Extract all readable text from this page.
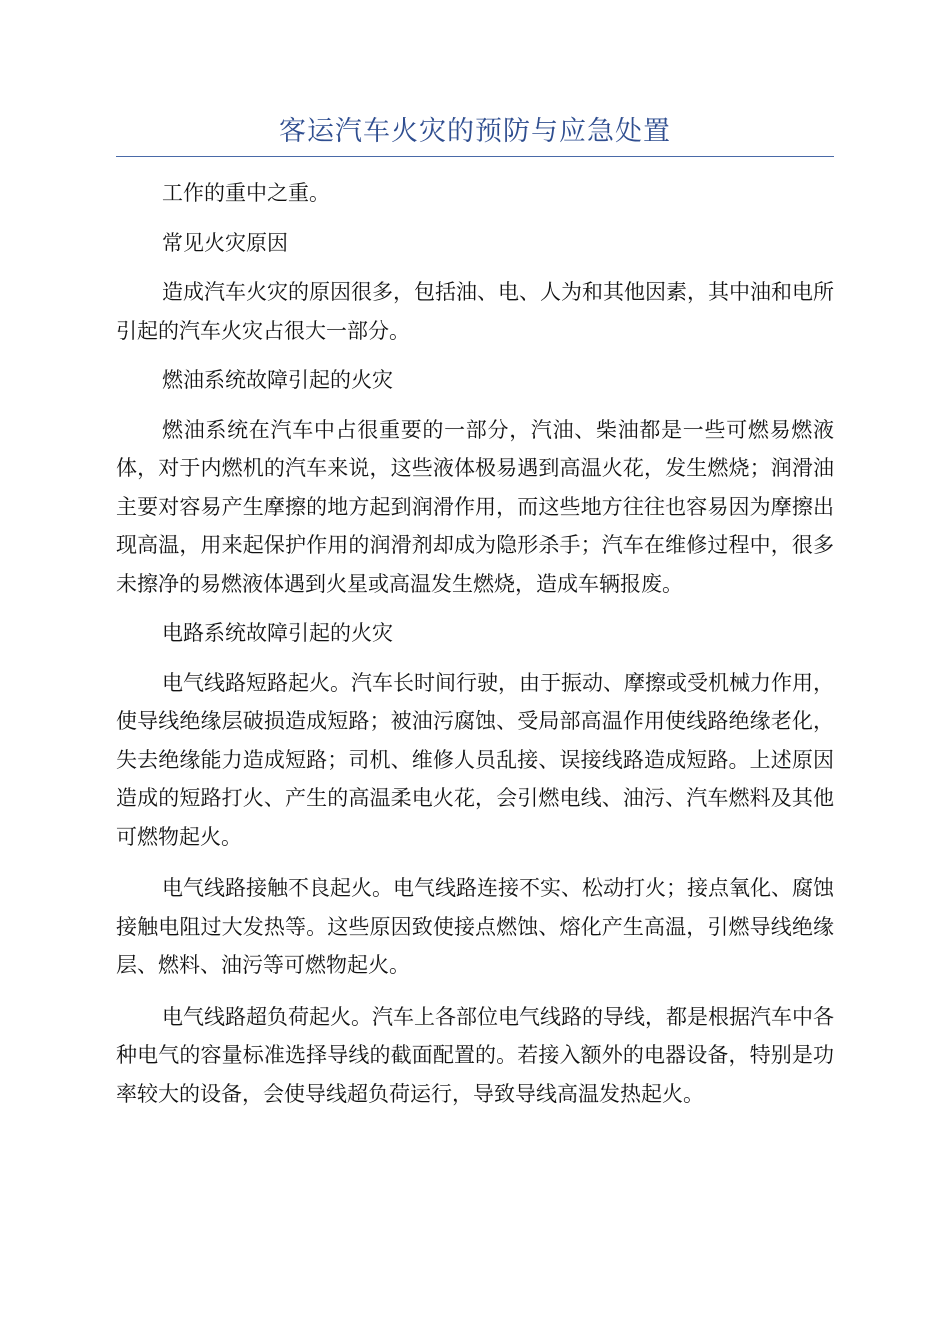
客运汽车火灾的预防与应急处置

工作的重中之重。

常见火灾原因

造成汽车火灾的原因很多，包括油、电、人为和其他因素，其中油和电所引起的汽车火灾占很大一部分。

燃油系统故障引起的火灾

燃油系统在汽车中占很重要的一部分，汽油、柴油都是一些可燃易燃液体，对于内燃机的汽车来说，这些液体极易遇到高温火花，发生燃烧；润滑油主要对容易产生摩擦的地方起到润滑作用，而这些地方往往也容易因为摩擦出现高温，用来起保护作用的润滑剂却成为隐形杀手；汽车在维修过程中，很多未擦净的易燃液体遇到火星或高温发生燃烧，造成车辆报废。

电路系统故障引起的火灾

电气线路短路起火。汽车长时间行驶，由于振动、摩擦或受机械力作用，使导线绝缘层破损造成短路；被油污腐蚀、受局部高温作用使线路绝缘老化，失去绝缘能力造成短路；司机、维修人员乱接、误接线路造成短路。上述原因造成的短路打火、产生的高温柔电火花，会引燃电线、油污、汽车燃料及其他可燃物起火。

电气线路接触不良起火。电气线路连接不实、松动打火；接点氧化、腐蚀接触电阻过大发热等。这些原因致使接点燃蚀、熔化产生高温，引燃导线绝缘层、燃料、油污等可燃物起火。

电气线路超负荷起火。汽车上各部位电气线路的导线，都是根据汽车中各种电气的容量标准选择导线的截面配置的。若接入额外的电器设备，特别是功率较大的设备，会使导线超负荷运行，导致导线高温发热起火。
